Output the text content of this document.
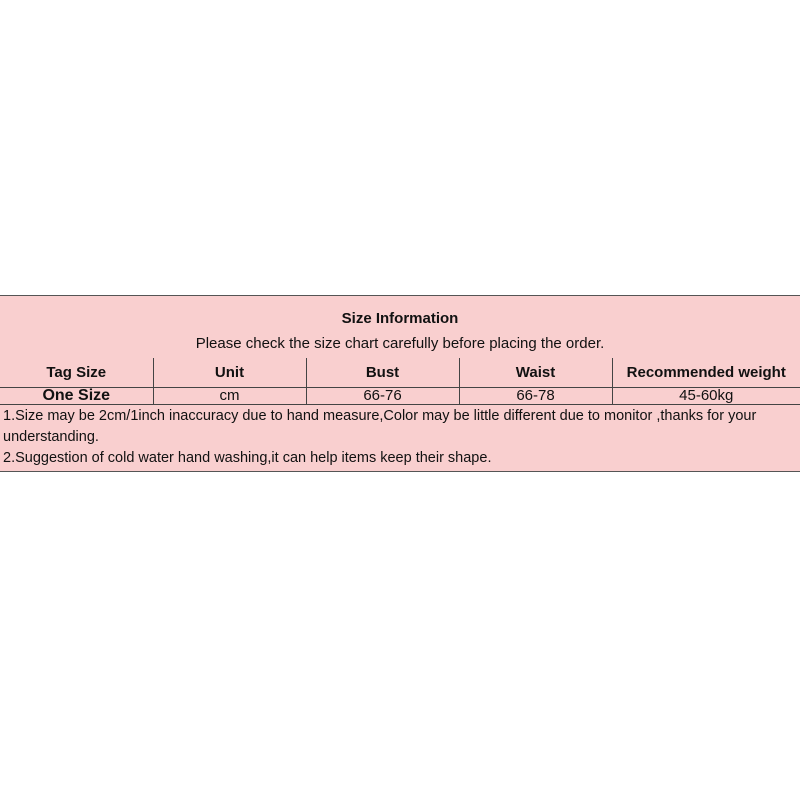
Size Information
Please check the size chart carefully before placing the order.
Tag Size	Unit	Bust	Waist	Recommended weight
One Size	cm	66-76	66-78	45-60kg

1.Size may be 2cm/1inch inaccuracy due to hand measure,Color may be little different due to monitor ,thanks for your understanding.

2.Suggestion of cold water hand washing,it can help items keep their shape.
